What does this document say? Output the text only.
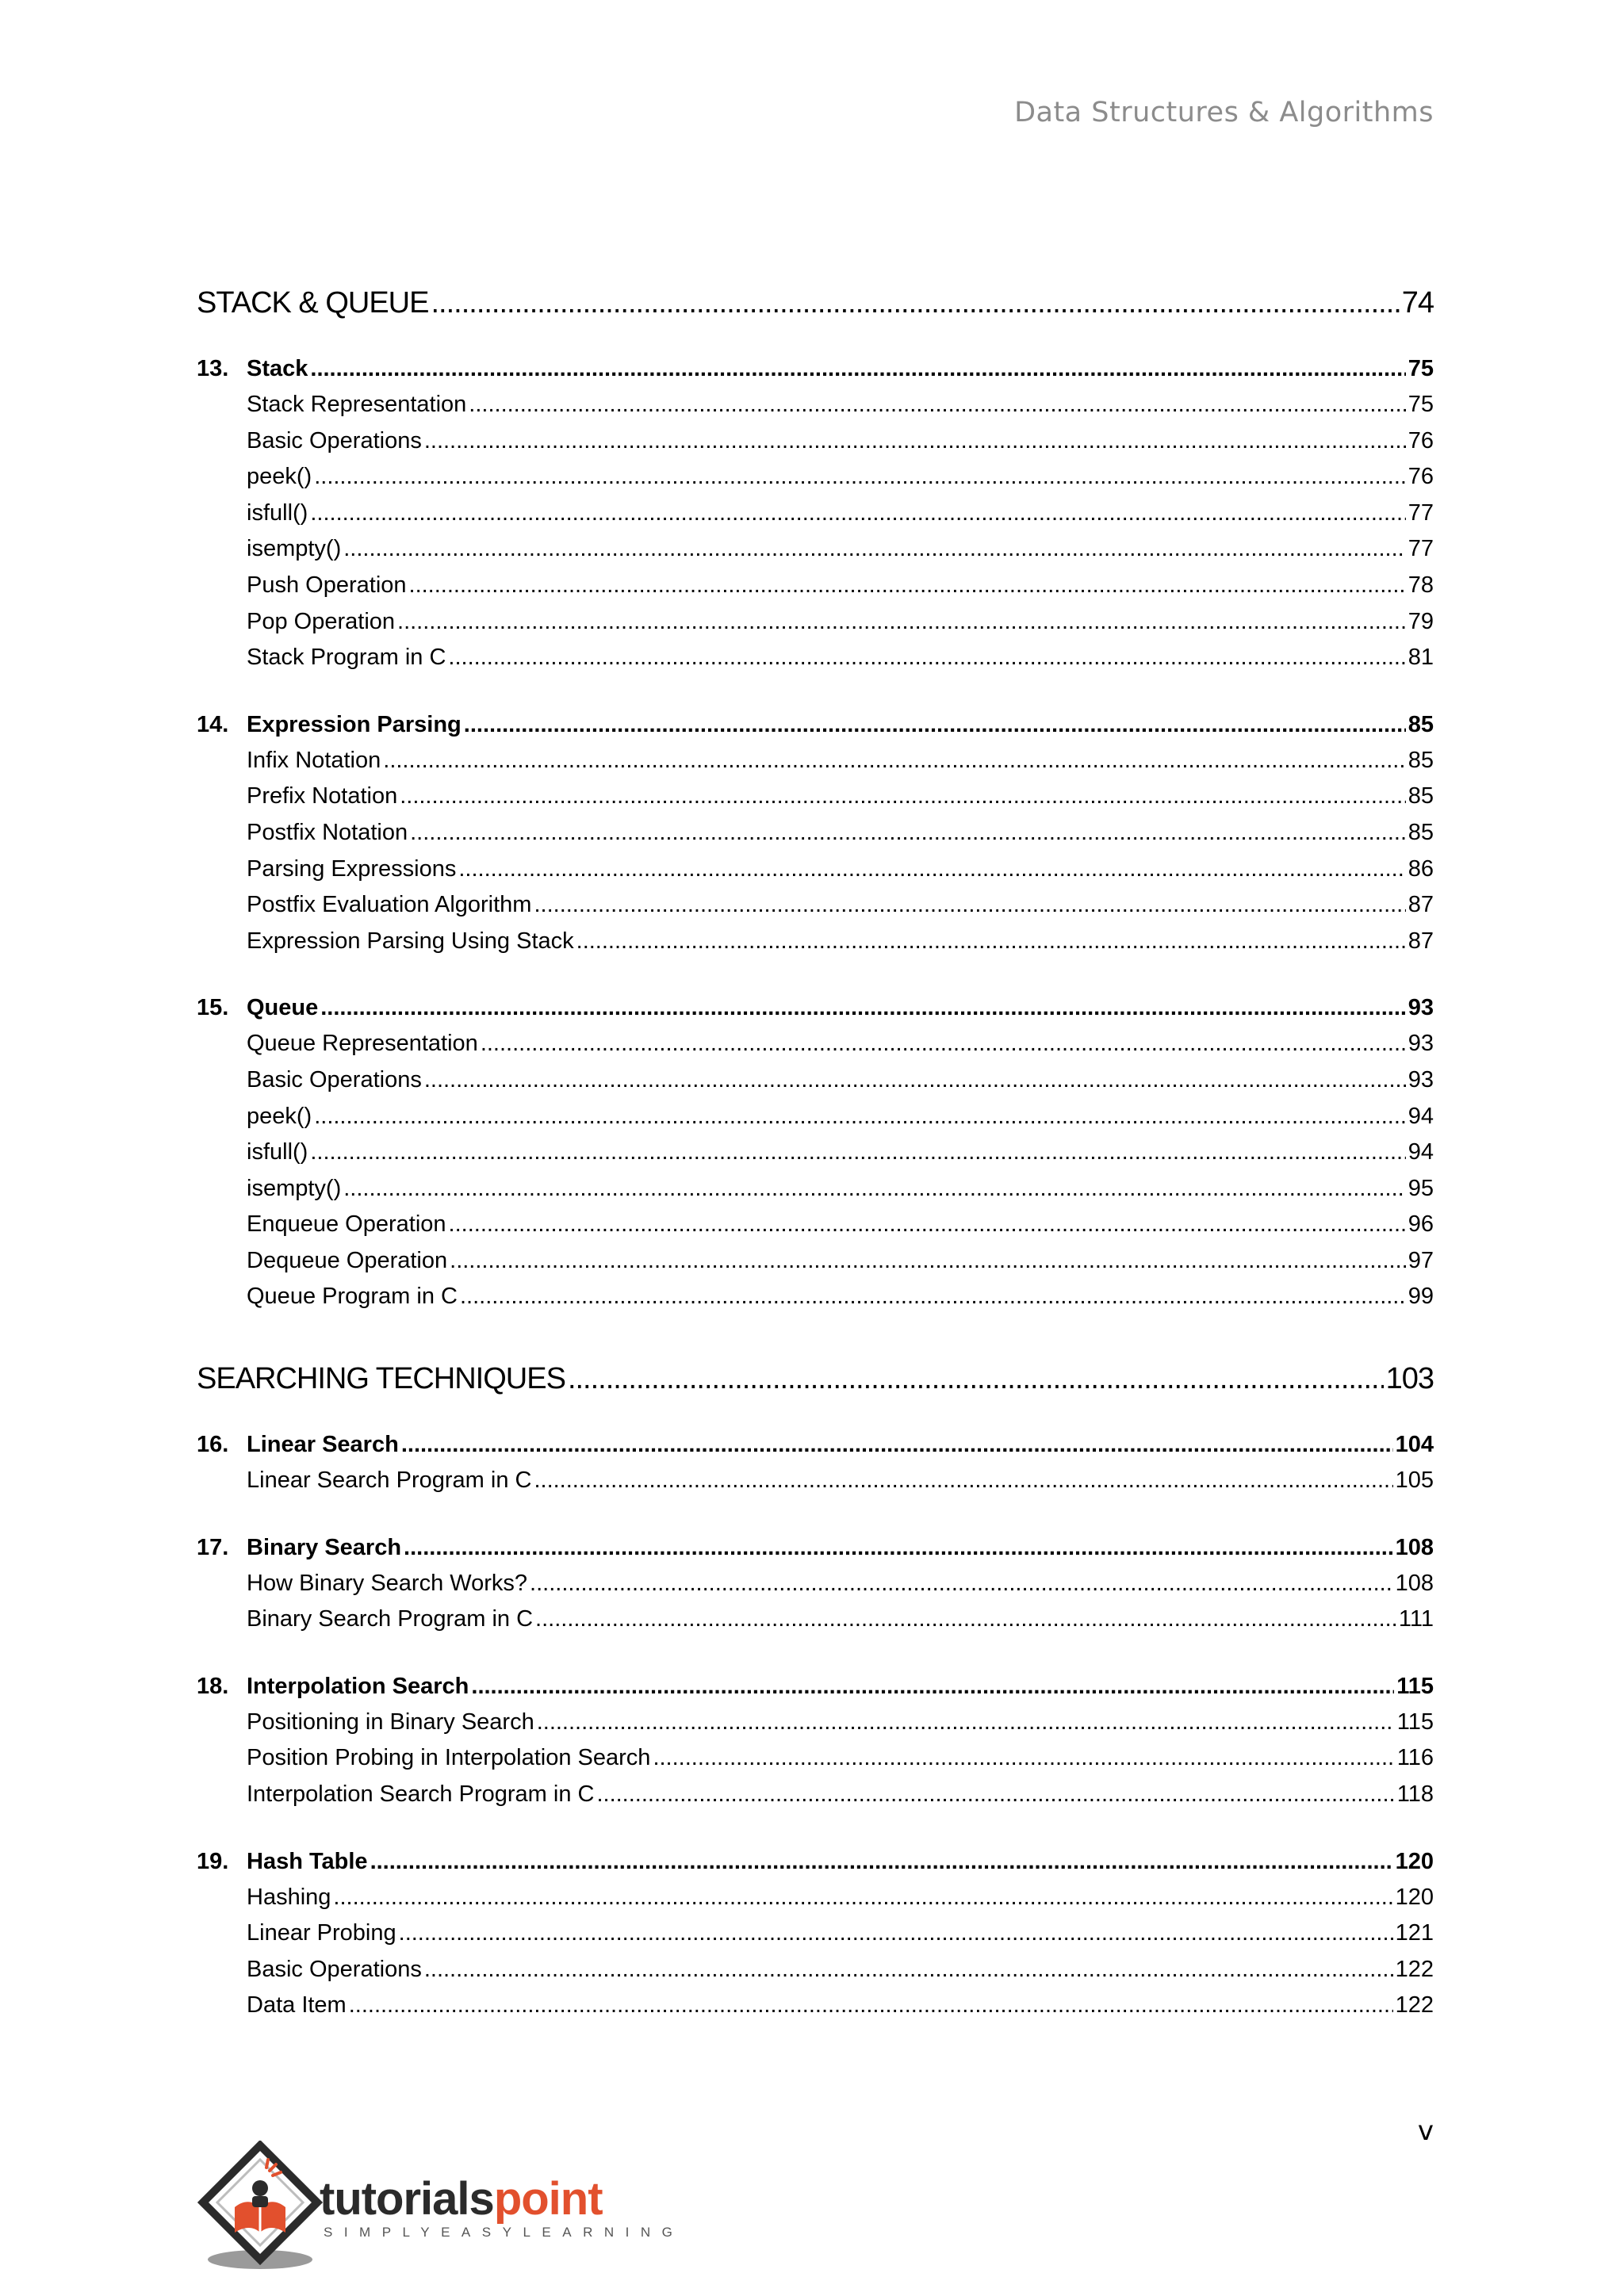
Data Structures & Algorithms
STACK & QUEUE .....	74
13. Stack .....	75
Stack Representation .....	75
Basic Operations .....	76
peek() .....	76
isfull() .....	77
isempty() .....	77
Push Operation .....	78
Pop Operation .....	79
Stack Program in C .....	81
14. Expression Parsing .....	85
Infix Notation .....	85
Prefix Notation .....	85
Postfix Notation .....	85
Parsing Expressions .....	86
Postfix Evaluation Algorithm .....	87
Expression Parsing Using Stack .....	87
15. Queue .....	93
Queue Representation .....	93
Basic Operations .....	93
peek() .....	94
isfull() .....	94
isempty() .....	95
Enqueue Operation .....	96
Dequeue Operation .....	97
Queue Program in C .....	99
SEARCHING TECHNIQUES .....	103
16. Linear Search .....	104
Linear Search Program in C .....	105
17. Binary Search .....	108
How Binary Search Works? .....	108
Binary Search Program in C .....	111
18. Interpolation Search .....	115
Positioning in Binary Search .....	115
Position Probing in Interpolation Search .....	116
Interpolation Search Program in C .....	118
19. Hash Table .....	120
Hashing .....	120
Linear Probing .....	121
Basic Operations .....	122
Data Item .....	122
v
tutorialspoint
SIMPLYEASYLEARNING
